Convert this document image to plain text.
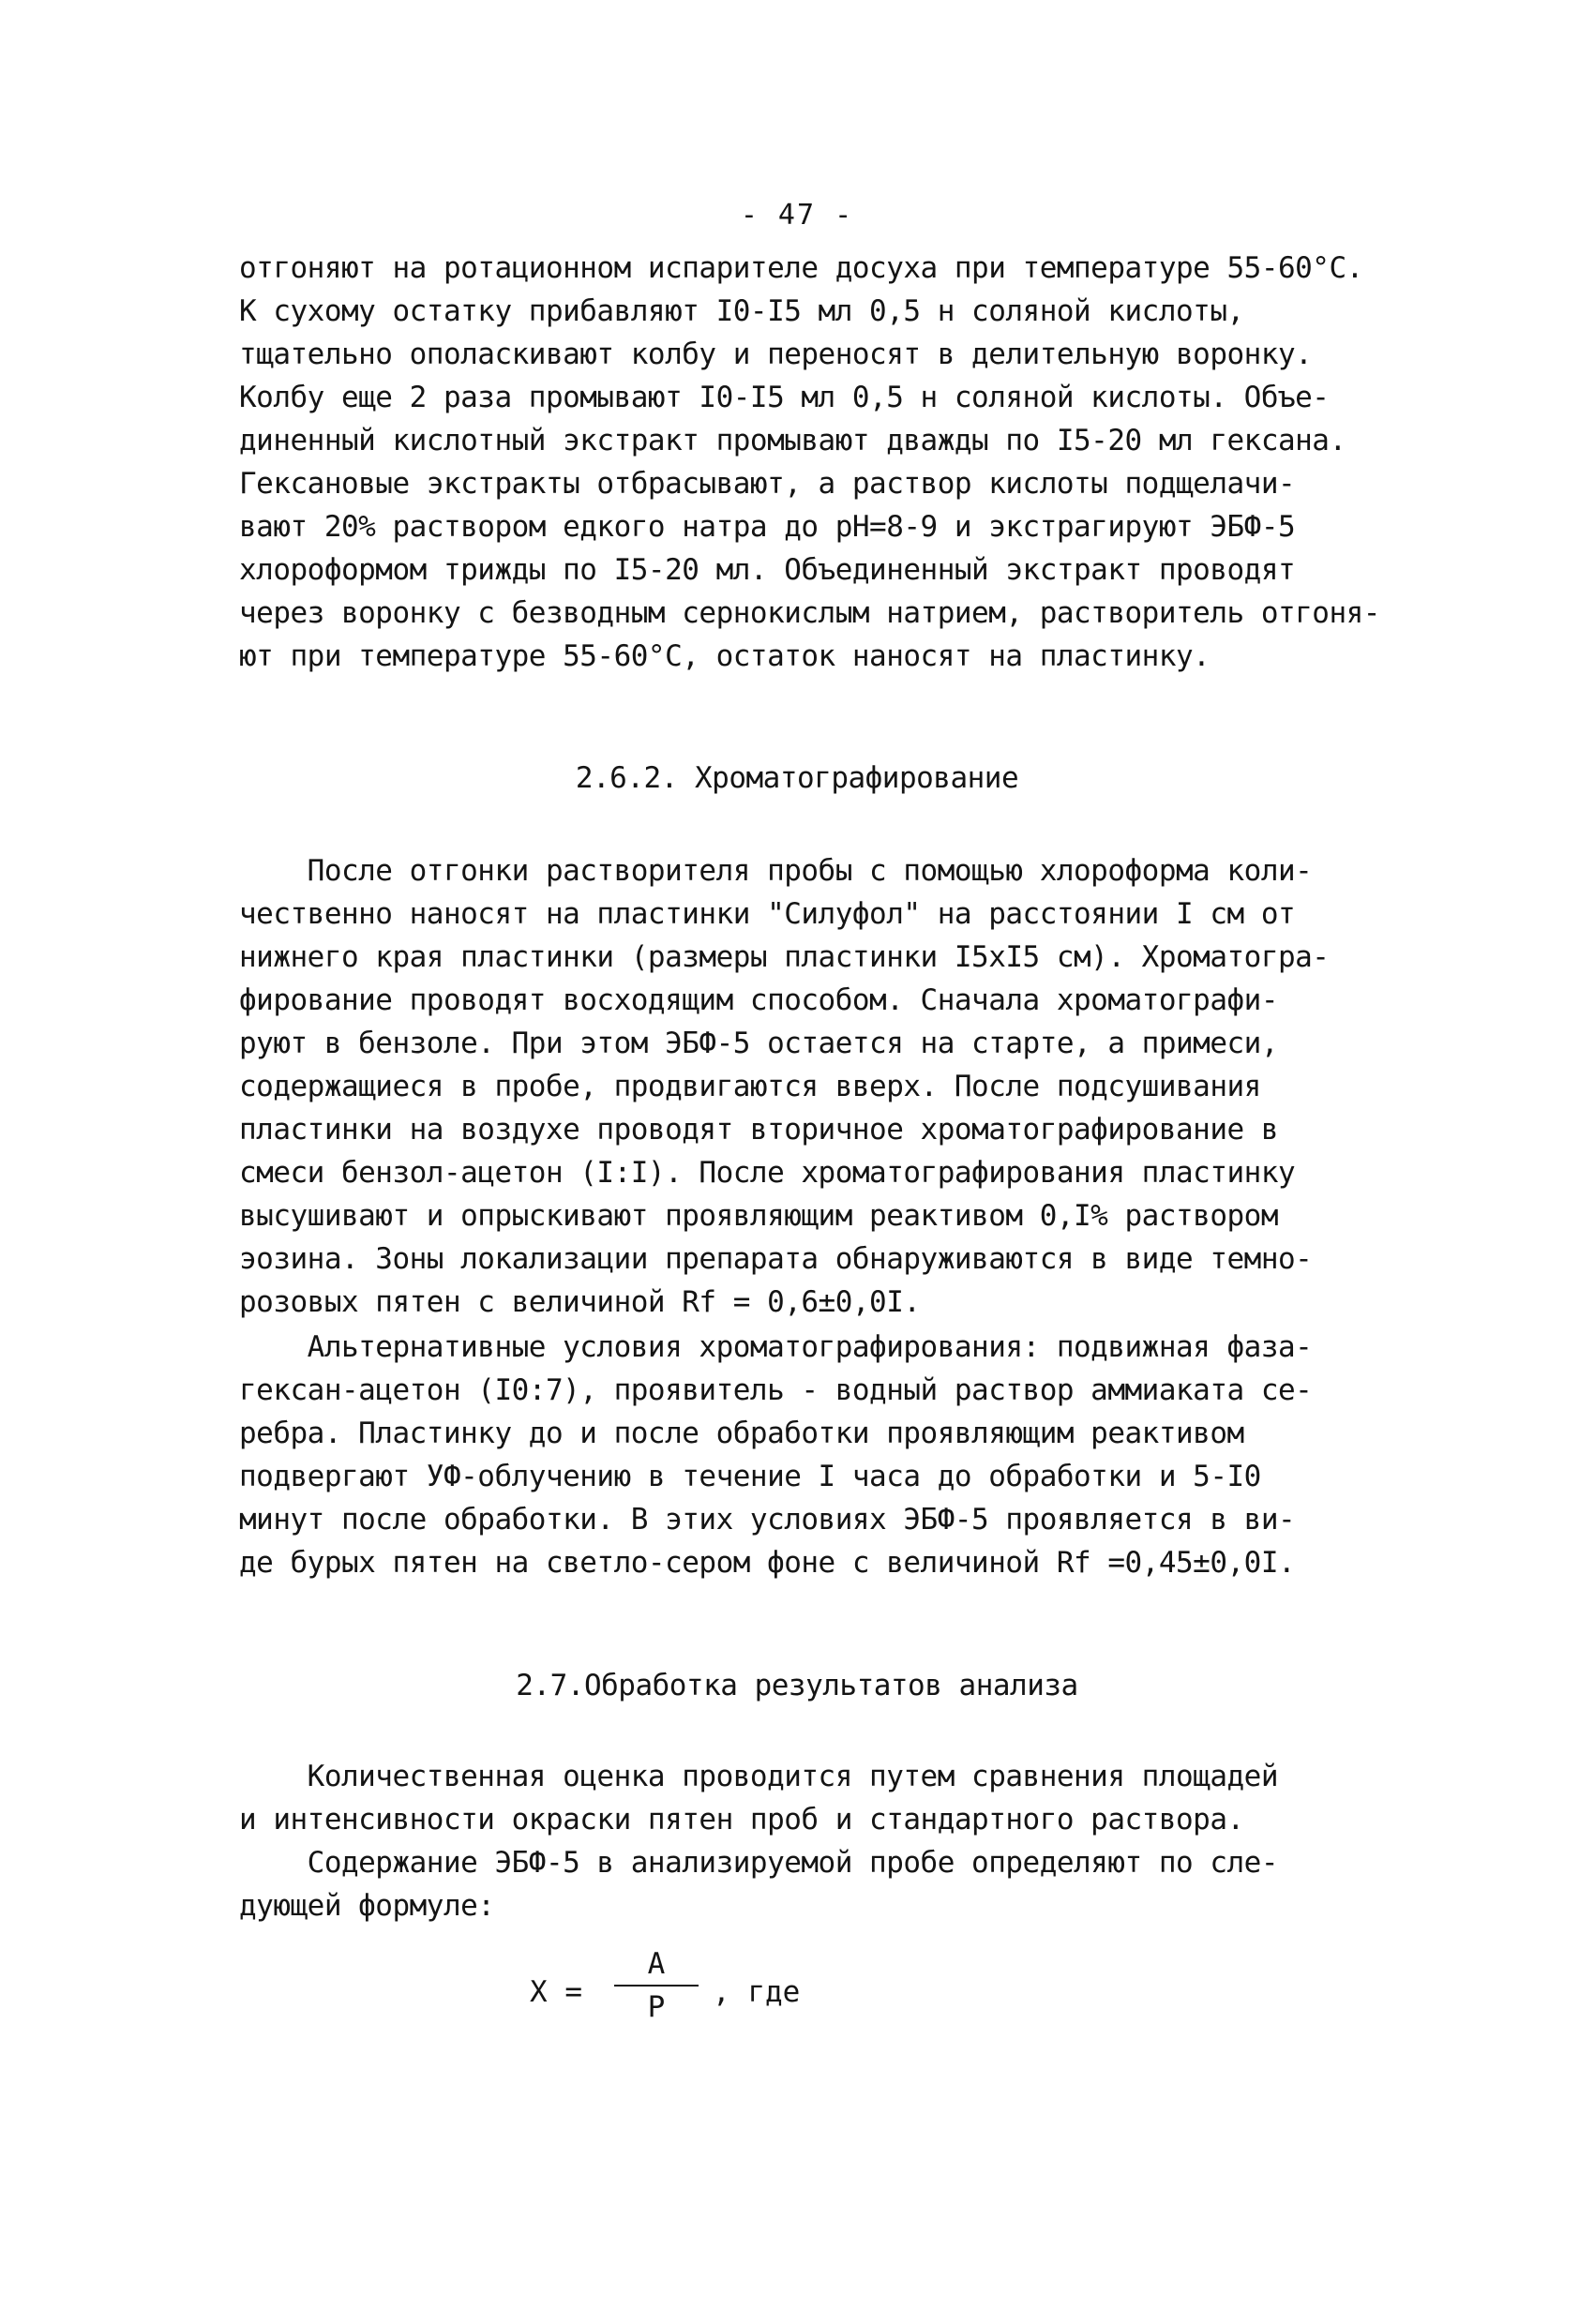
- 47 -
отгоняют на ротационном испарителе досуха при температуре 55-60°С.
К сухому остатку прибавляют I0-I5 мл 0,5 н соляной кислоты,
тщательно ополаскивают колбу и переносят в делительную воронку.
Колбу еще 2 раза промывают I0-I5 мл 0,5 н соляной кислоты. Объе-
диненный кислотный экстракт промывают дважды по I5-20 мл гексана.
Гексановые экстракты отбрасывают, а раствор кислоты подщелачи-
вают 20% раствором едкого натра до pH=8-9 и экстрагируют ЭБФ-5
хлороформом трижды по I5-20 мл. Объединенный экстракт проводят
через воронку с безводным сернокислым натрием, растворитель отгоня-
ют при температуре 55-60°С, остаток наносят на пластинку.
2.6.2. Хроматографирование
После отгонки растворителя пробы с помощью хлороформа коли-
чественно наносят на пластинки "Силуфол" на расстоянии I см от
нижнего края пластинки (размеры пластинки I5xI5 см). Хроматогра-
фирование проводят восходящим способом. Сначала хроматографи-
руют в бензоле. При этом ЭБФ-5 остается на старте, а примеси,
содержащиеся в пробе, продвигаются вверх. После подсушивания
пластинки на воздухе проводят вторичное хроматографирование в
смеси бензол-ацетон (I:I). После хроматографирования пластинку
высушивают и опрыскивают проявляющим реактивом 0,I% раствором
эозина. Зоны локализации препарата обнаруживаются в виде темно-
розовых пятен с величиной Rf = 0,6±0,0I.
Альтернативные условия хроматографирования: подвижная фаза-
гексан-ацетон (I0:7), проявитель - водный раствор аммиаката се-
ребра. Пластинку до и после обработки проявляющим реактивом
подвергают УФ-облучению в течение I часа до обработки и 5-I0
минут после обработки. В этих условиях ЭБФ-5 проявляется в ви-
де бурых пятен на светло-сером фоне с величиной Rf =0,45±0,0I.
2.7.Обработка результатов анализа
Количественная оценка проводится путем сравнения площадей
и интенсивности окраски пятен проб и стандартного раствора.
Содержание ЭБФ-5 в анализируемой пробе определяют по сле-
дующей формуле:
X =
A
P	, где
